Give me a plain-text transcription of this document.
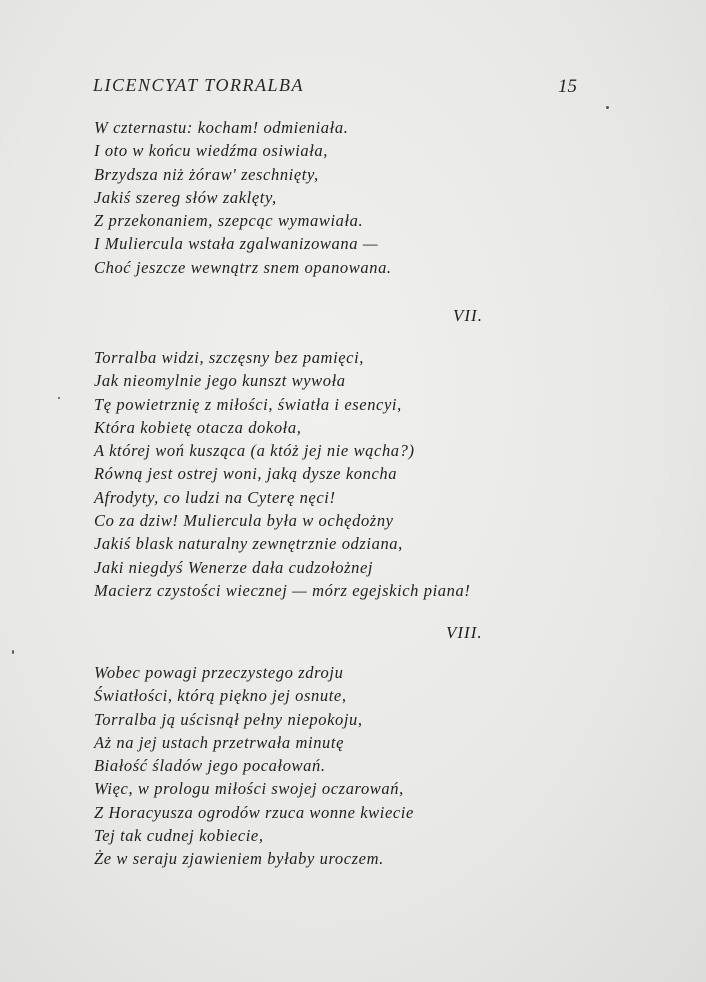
LICENCYAT TORRALBA	15
W czternastu: kocham! odmieniała.
I oto w końcu wiedźma osiwiała,
Brzydsza niż żóraw' zeschnięty,
Jakiś szereg słów zaklęty,
Z przekonaniem, szepcąc wymawiała.
I Muliercula wstała zgalwanizowana —
Choć jeszcze wewnątrz snem opanowana.
VII.
Torralba widzi, szczęsny bez pamięci,
Jak nieomylnie jego kunszt wywoła
Tę powietrznię z miłości, światła i esencyi,
Która kobietę otacza dokoła,
A której woń kusząca (a któż jej nie wącha?)
Równą jest ostrej woni, jaką dysze koncha
Afrodyty, co ludzi na Cyterę nęci!
Co za dziw! Muliercula była w ochędożny
Jakiś blask naturalny zewnętrznie odziana,
Jaki niegdyś Wenerze dała cudzołożnej
Macierz czystości wiecznej — mórz egejskich piana!
VIII.
Wobec powagi przeczystego zdroju
Światłości, którą piękno jej osnute,
Torralba ją uścisnął pełny niepokoju,
Aż na jej ustach przetrwała minutę
Białość śladów jego pocałowań.
Więc, w prologu miłości swojej oczarowań,
Z Horacyusza ogrodów rzuca wonne kwiecie
Tej tak cudnej kobiecie,
Że w seraju zjawieniem byłaby uroczem.
